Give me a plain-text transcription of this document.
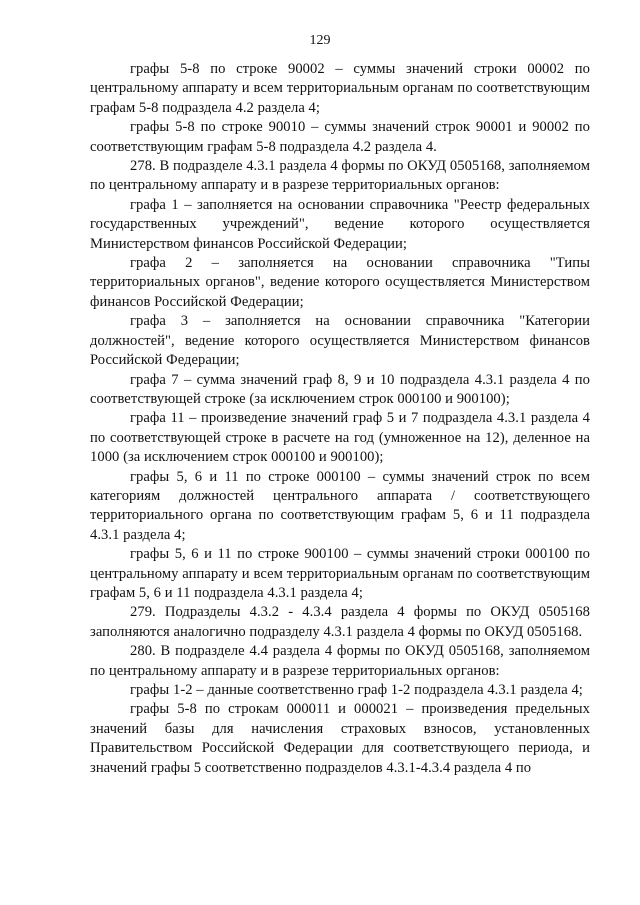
129

графы 5-8 по строке 90002 – суммы значений строки 00002 по центральному аппарату и всем территориальным органам по соответствующим графам 5-8 подраздела 4.2 раздела 4;

графы 5-8 по строке 90010 – суммы значений строк 90001 и 90002 по соответствующим графам 5-8 подраздела 4.2 раздела 4.

278. В подразделе 4.3.1 раздела 4 формы по ОКУД 0505168, заполняемом по центральному аппарату и в разрезе территориальных органов:

графа 1 – заполняется на основании справочника "Реестр федеральных государственных учреждений", ведение которого осуществляется Министерством финансов Российской Федерации;

графа 2 – заполняется на основании справочника "Типы территориальных органов", ведение которого осуществляется Министерством финансов Российской Федерации;

графа 3 – заполняется на основании справочника "Категории должностей", ведение которого осуществляется Министерством финансов Российской Федерации;

графа 7 – сумма значений граф 8, 9 и 10 подраздела 4.3.1 раздела 4 по соответствующей строке (за исключением строк 000100 и 900100);

графа 11 – произведение значений граф 5 и 7 подраздела 4.3.1 раздела 4 по соответствующей строке в расчете на год (умноженное на 12), деленное на 1000 (за исключением строк 000100 и 900100);

графы 5, 6 и 11 по строке 000100 – суммы значений строк по всем категориям должностей центрального аппарата / соответствующего территориального органа по соответствующим графам 5, 6 и 11 подраздела 4.3.1 раздела 4;

графы 5, 6 и 11 по строке 900100 – суммы значений строки 000100 по центральному аппарату и всем территориальным органам по соответствующим графам 5, 6 и 11 подраздела 4.3.1 раздела 4;

279. Подразделы 4.3.2 - 4.3.4 раздела 4 формы по ОКУД 0505168 заполняются аналогично подразделу 4.3.1 раздела 4 формы по ОКУД 0505168.

280. В подразделе 4.4 раздела 4 формы по ОКУД 0505168, заполняемом по центральному аппарату и в разрезе территориальных органов:

графы 1-2 – данные соответственно граф 1-2 подраздела 4.3.1 раздела 4;

графы 5-8 по строкам 000011 и 000021 – произведения предельных значений базы для начисления страховых взносов, установленных Правительством Российской Федерации для соответствующего периода, и значений графы 5 соответственно подразделов 4.3.1-4.3.4 раздела 4 по
